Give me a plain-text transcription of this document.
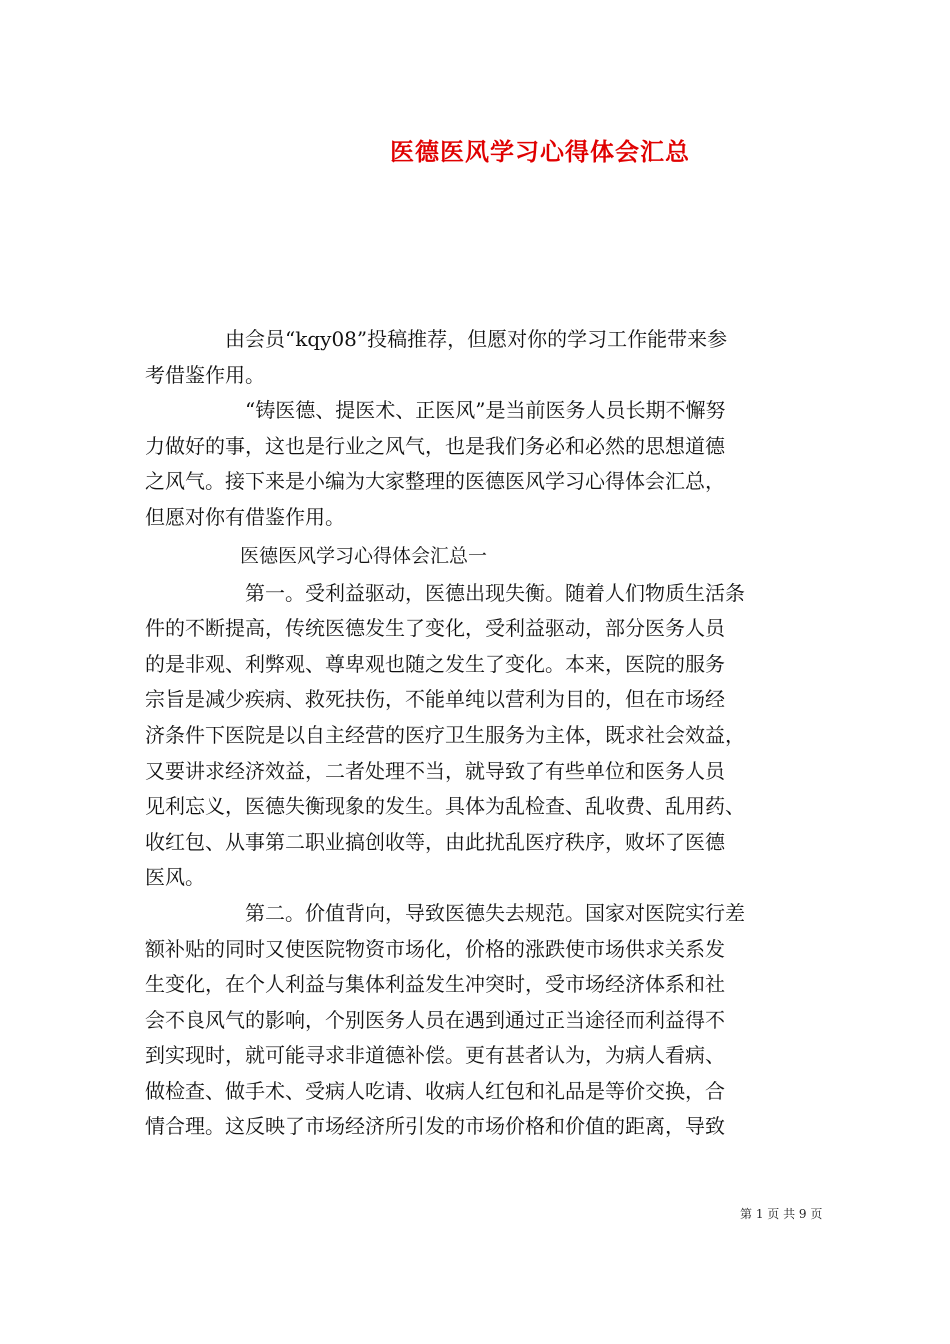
医德医风学习心得体会汇总

　　　　由会员“kqy08”投稿推荐，但愿对你的学习工作能带来参
考借鉴作用。

　　　　　“铸医德、提医术、正医风”是当前医务人员长期不懈努
力做好的事，这也是行业之风气，也是我们务必和必然的思想道德
之风气。接下来是小编为大家整理的医德医风学习心得体会汇总，
但愿对你有借鉴作用。

　　　　　医德医风学习心得体会汇总一

　　　　　第一。受利益驱动，医德出现失衡。随着人们物质生活条
件的不断提高，传统医德发生了变化，受利益驱动，部分医务人员
的是非观、利弊观、尊卑观也随之发生了变化。本来，医院的服务
宗旨是减少疾病、救死扶伤，不能单纯以营利为目的，但在市场经
济条件下医院是以自主经营的医疗卫生服务为主体，既求社会效益，
又要讲求经济效益，二者处理不当，就导致了有些单位和医务人员
见利忘义，医德失衡现象的发生。具体为乱检查、乱收费、乱用药、
收红包、从事第二职业搞创收等，由此扰乱医疗秩序，败坏了医德
医风。

　　　　　第二。价值背向，导致医德失去规范。国家对医院实行差
额补贴的同时又使医院物资市场化，价格的涨跌使市场供求关系发
生变化，在个人利益与集体利益发生冲突时，受市场经济体系和社
会不良风气的影响，个别医务人员在遇到通过正当途径而利益得不
到实现时，就可能寻求非道德补偿。更有甚者认为，为病人看病、
做检查、做手术、受病人吃请、收病人红包和礼品是等价交换，合
情合理。这反映了市场经济所引发的市场价格和价值的距离，导致

第 1 页 共 9 页
